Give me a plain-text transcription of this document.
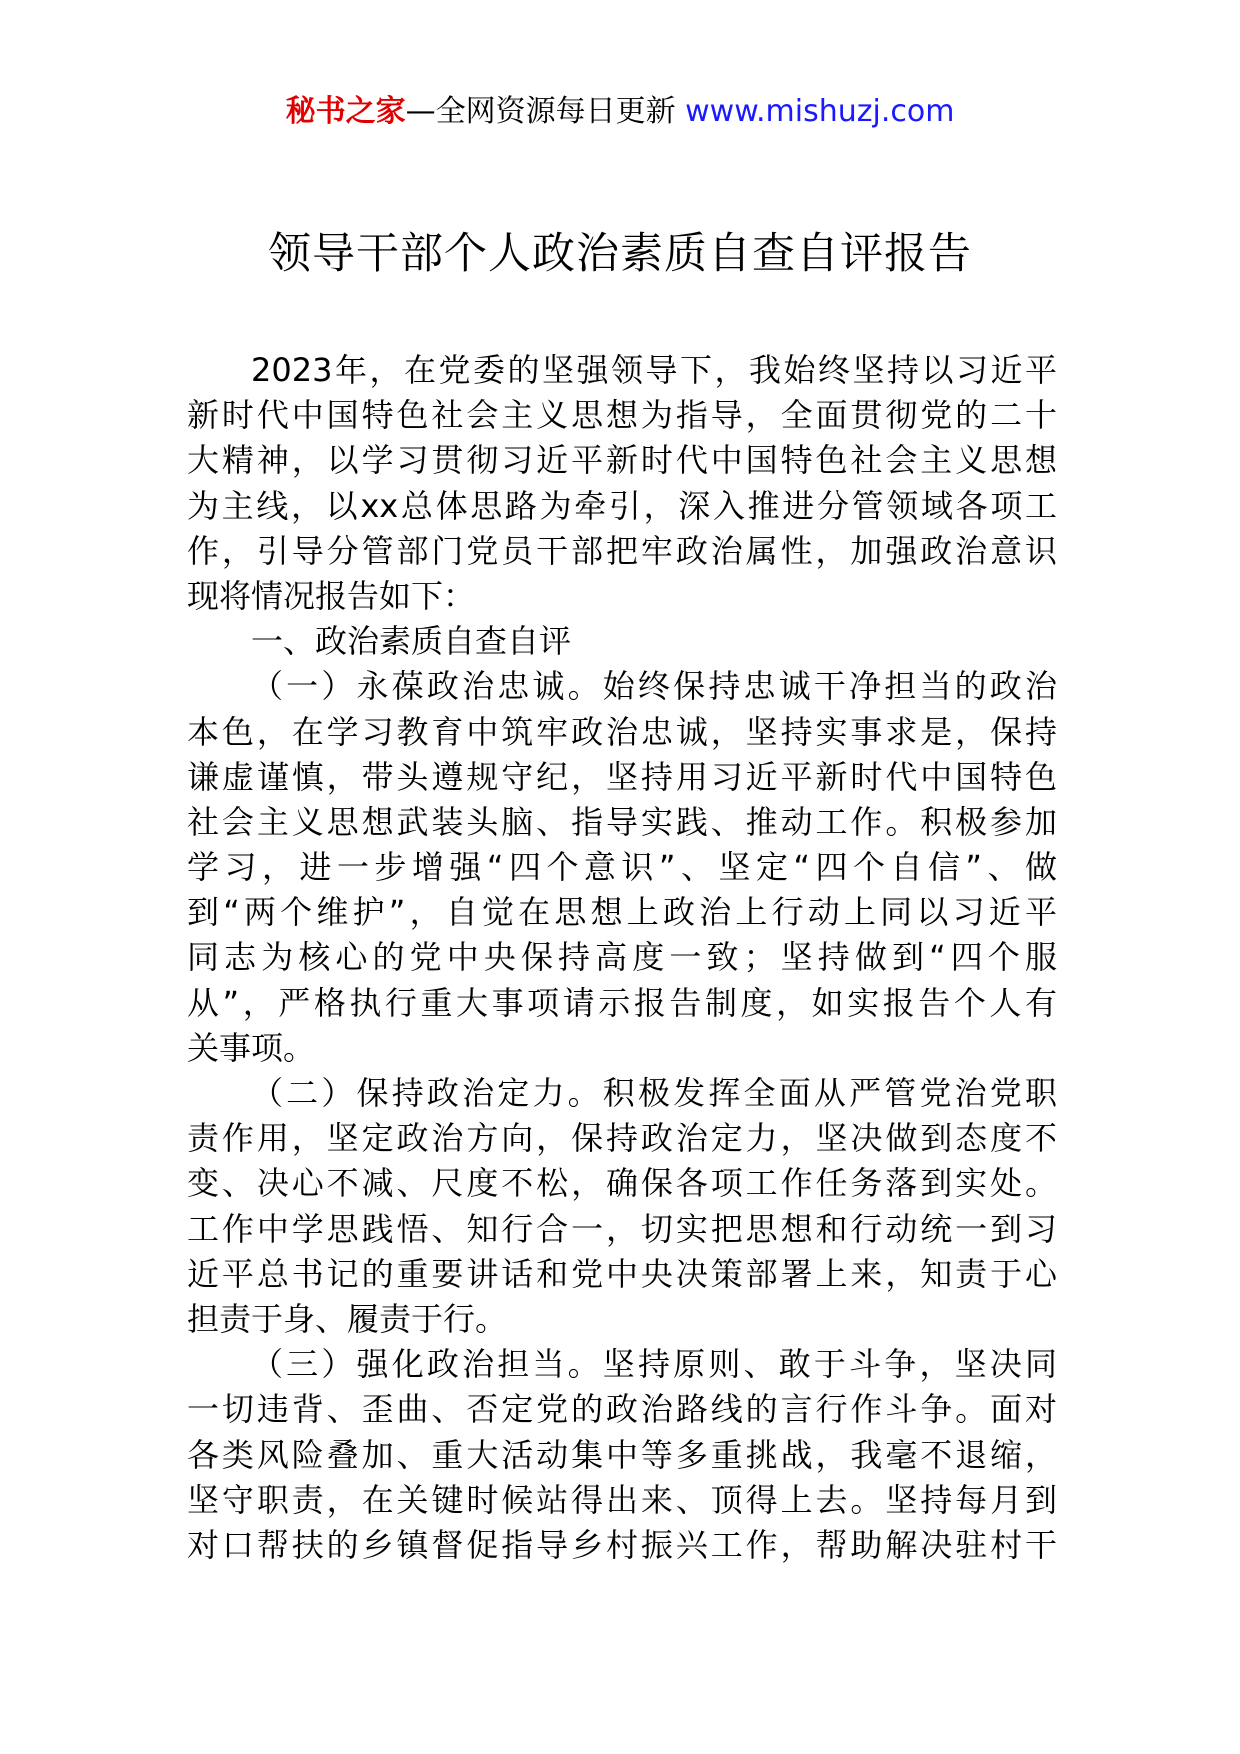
秘书之家—全网资源每日更新 www.mishuzj.com
领导干部个人政治素质自查自评报告
2023年，在党委的坚强领导下，我始终坚持以习近平
新时代中国特色社会主义思想为指导，全面贯彻党的二十
大精神，以学习贯彻习近平新时代中国特色社会主义思想
为主线，以xx总体思路为牵引，深入推进分管领域各项工
作，引导分管部门党员干部把牢政治属性，加强政治意识
现将情况报告如下：
一、政治素质自查自评
（一）永葆政治忠诚。始终保持忠诚干净担当的政治
本色，在学习教育中筑牢政治忠诚，坚持实事求是，保持
谦虚谨慎，带头遵规守纪，坚持用习近平新时代中国特色
社会主义思想武装头脑、指导实践、推动工作。积极参加
学习，进一步增强“四个意识”、坚定“四个自信”、做
到“两个维护”，自觉在思想上政治上行动上同以习近平
同志为核心的党中央保持高度一致；坚持做到“四个服
从”，严格执行重大事项请示报告制度，如实报告个人有
关事项。
（二）保持政治定力。积极发挥全面从严管党治党职
责作用，坚定政治方向，保持政治定力，坚决做到态度不
变、决心不减、尺度不松，确保各项工作任务落到实处。
工作中学思践悟、知行合一，切实把思想和行动统一到习
近平总书记的重要讲话和党中央决策部署上来，知责于心
担责于身、履责于行。
（三）强化政治担当。坚持原则、敢于斗争，坚决同
一切违背、歪曲、否定党的政治路线的言行作斗争。面对
各类风险叠加、重大活动集中等多重挑战，我毫不退缩，
坚守职责，在关键时候站得出来、顶得上去。坚持每月到
对口帮扶的乡镇督促指导乡村振兴工作，帮助解决驻村干
